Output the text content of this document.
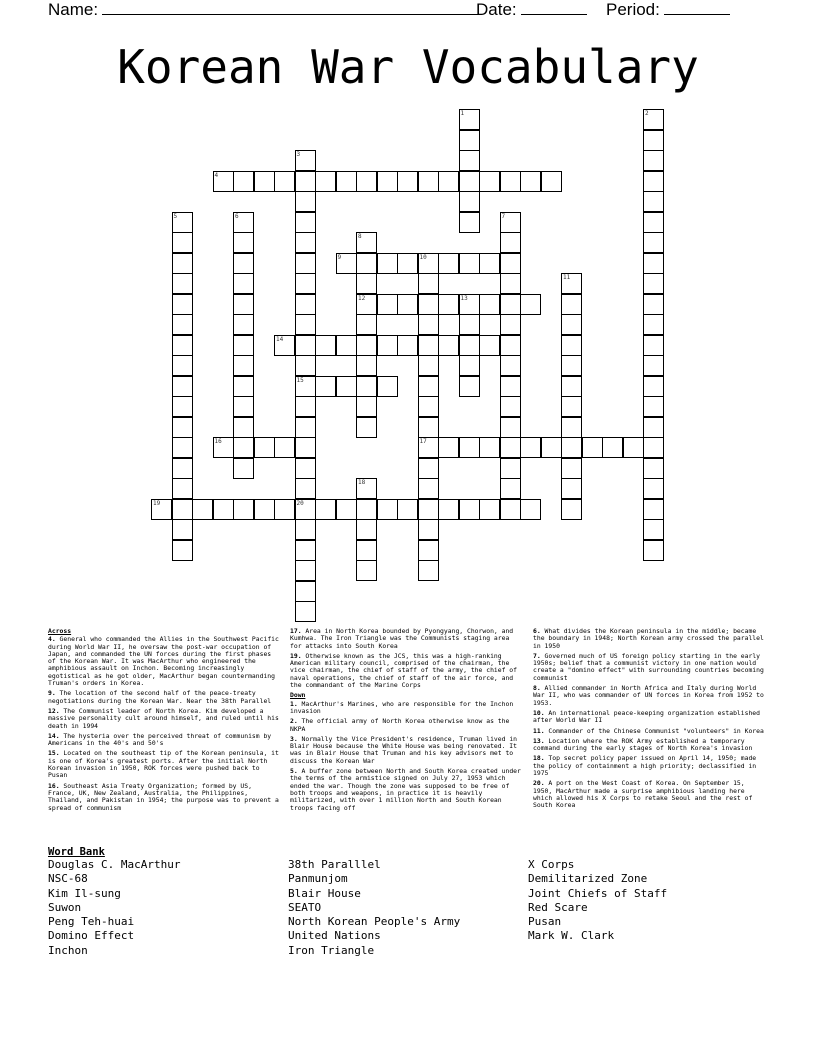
Name:	Date:	Period:
Korean War Vocabulary
4
9	10
12	13
14
15
16	17
19	20
1	2
3
5	6	7
8
11
18
Across
4. General who commanded the Allies in the Southwest Pacific during World War II, he oversaw the post-war occupation of Japan, and commanded the UN forces during the first phases of the Korean War. It was MacArthur who engineered the amphibious assault on Inchon. Becoming increasingly egotistical as he got older, MacArthur began countermanding Truman's orders in Korea.
9. The location of the second half of the peace-treaty negotiations during the Korean War. Near the 38th Parallel
12. The Communist leader of North Korea. Kim developed a massive personality cult around himself, and ruled until his death in 1994
14. The hysteria over the perceived threat of communism by Americans in the 40's and 50's
15. Located on the southeast tip of the Korean peninsula, it is one of Korea's greatest ports. After the initial North Korean invasion in 1950, ROK forces were pushed back to Pusan
16. Southeast Asia Treaty Organization; formed by US, France, UK, New Zealand, Australia, the Philippines, Thailand, and Pakistan in 1954; the purpose was to prevent a spread of communism
17. Area in North Korea bounded by Pyongyang, Chorwon, and Kumhwa. The Iron Triangle was the Communists staging area for attacks into South Korea
19. Otherwise known as the JCS, this was a high-ranking American military council, comprised of the chairman, the vice chairman, the chief of staff of the army, the chief of naval operations, the chief of staff of the air force, and the commandant of the Marine Corps
Down
1. MacArthur's Marines, who are responsible for the Inchon invasion
2. The official army of North Korea otherwise know as the NKPA
3. Normally the Vice President's residence, Truman lived in Blair House because the White House was being renovated. It was in Blair House that Truman and his key advisors met to discuss the Korean War
5. A buffer zone between North and South Korea created under the terms of the armistice signed on July 27, 1953 which ended the war. Though the zone was supposed to be free of both troops and weapons, in practice it is heavily militarized, with over 1 million North and South Korean troops facing off
6. What divides the Korean peninsula in the middle; became the boundary in 1948; North Korean army crossed the parallel in 1950
7. Governed much of US foreign policy starting in the early 1950s; belief that a communist victory in one nation would create a "domino effect" with surrounding countries becoming communist
8. Allied commander in North Africa and Italy during World War II, who was commander of UN forces in Korea from 1952 to 1953.
10. An international peace-keeping organization established after World War II
11. Commander of the Chinese Communist "volunteers" in Korea
13. Location where the ROK Army established a temporary command during the early stages of North Korea's invasion
18. Top secret policy paper issued on April 14, 1950; made the policy of containment a high priority; declassified in 1975
20. A port on the West Coast of Korea. On September 15, 1950, MacArthur made a surprise amphibious landing here which allowed his X Corps to retake Seoul and the rest of South Korea
Word Bank
Douglas C. MacArthur
NSC-68
Kim Il-sung
Suwon
Peng Teh-huai
Domino Effect
Inchon
38th Paralllel
Panmunjom
Blair House
SEATO
North Korean People's Army
United Nations
Iron Triangle
X Corps
Demilitarized Zone
Joint Chiefs of Staff
Red Scare
Pusan
Mark W. Clark
